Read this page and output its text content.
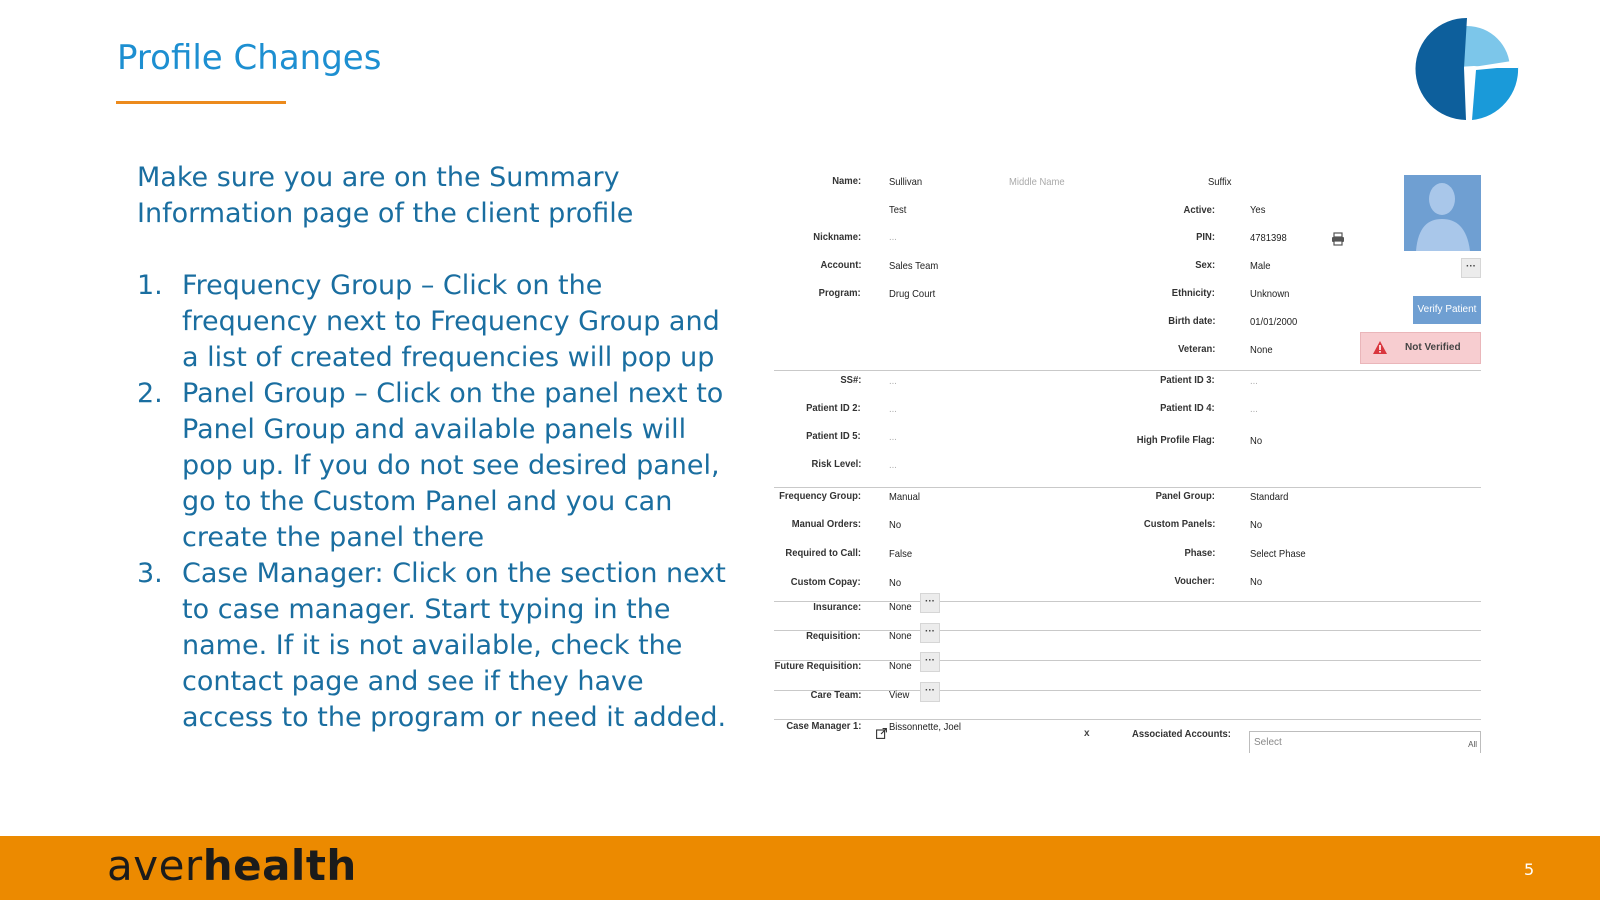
Profile Changes
Make sure you are on the Summary Information page of the client profile
1. Frequency Group – Click on the frequency next to Frequency Group and a list of created frequencies will pop up
2. Panel Group – Click on the panel next to Panel Group and available panels will pop up. If you do not see desired panel, go to the Custom Panel and you can create the panel there
3. Case Manager: Click on the section next to case manager. Start typing in the name. If it is not available, check the contact page and see if they have access to the program or need it added.
Name:	Sullivan	Middle Name	Suffix
Test	Active:	Yes
Nickname:	...	PIN:	4781398
Account:	Sales Team	Sex:	Male	···
Program:	Drug Court	Ethnicity:	Unknown
Verify Patient
Birth date:	01/01/2000
Veteran:	None	Not Verified
SS#:	...	Patient ID 3:	...
Patient ID 2:	...	Patient ID 4:	...
Patient ID 5:	...	High Profile Flag:	No
Risk Level:	...
Frequency Group:	Manual	Panel Group:	Standard
Manual Orders:	No	Custom Panels:	No
Required to Call:	False	Phase:	Select Phase
Custom Copay:	No	Voucher:	No
Insurance:	None	···
Requisition:	None	···
Future Requisition:	None	···
Care Team:	View	···
Case Manager 1:	Bissonnette, Joel
x	Associated Accounts:
Select	All
averhealth	5
